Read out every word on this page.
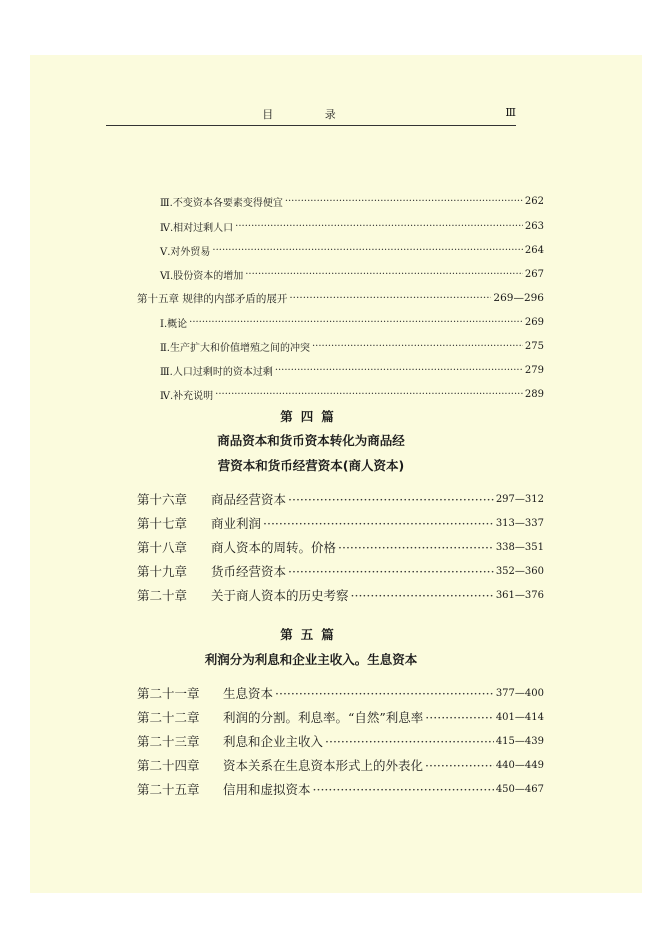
目 录	Ⅲ
Ⅲ.不变资本各要素变得便宜 ·····	262
Ⅳ.相对过剩人口 ·····	263
Ⅴ.对外贸易 ·····	264
Ⅵ.股份资本的增加 ·····	267
第十五章 规律的内部矛盾的展开 ·····	269—296
Ⅰ.概论 ·····	269
Ⅱ.生产扩大和价值增殖之间的冲突 ·····	275
Ⅲ.人口过剩时的资本过剩 ·····	279
Ⅳ.补充说明 ·····	289
第四篇
商品资本和货币资本转化为商品经
营资本和货币经营资本(商人资本)
第十六章	商品经营资本 ·····	297—312
第十七章	商业利润 ·····	313—337
第十八章	商人资本的周转。价格 ·····	338—351
第十九章	货币经营资本 ·····	352—360
第二十章	关于商人资本的历史考察 ·····	361—376
第五篇
利润分为利息和企业主收入。生息资本
第二十一章	生息资本 ·····	377—400
第二十二章	利润的分割。利息率。“自然”利息率 ·····	401—414
第二十三章	利息和企业主收入 ·····	415—439
第二十四章	资本关系在生息资本形式上的外表化 ·····	440—449
第二十五章	信用和虚拟资本 ·····	450—467
